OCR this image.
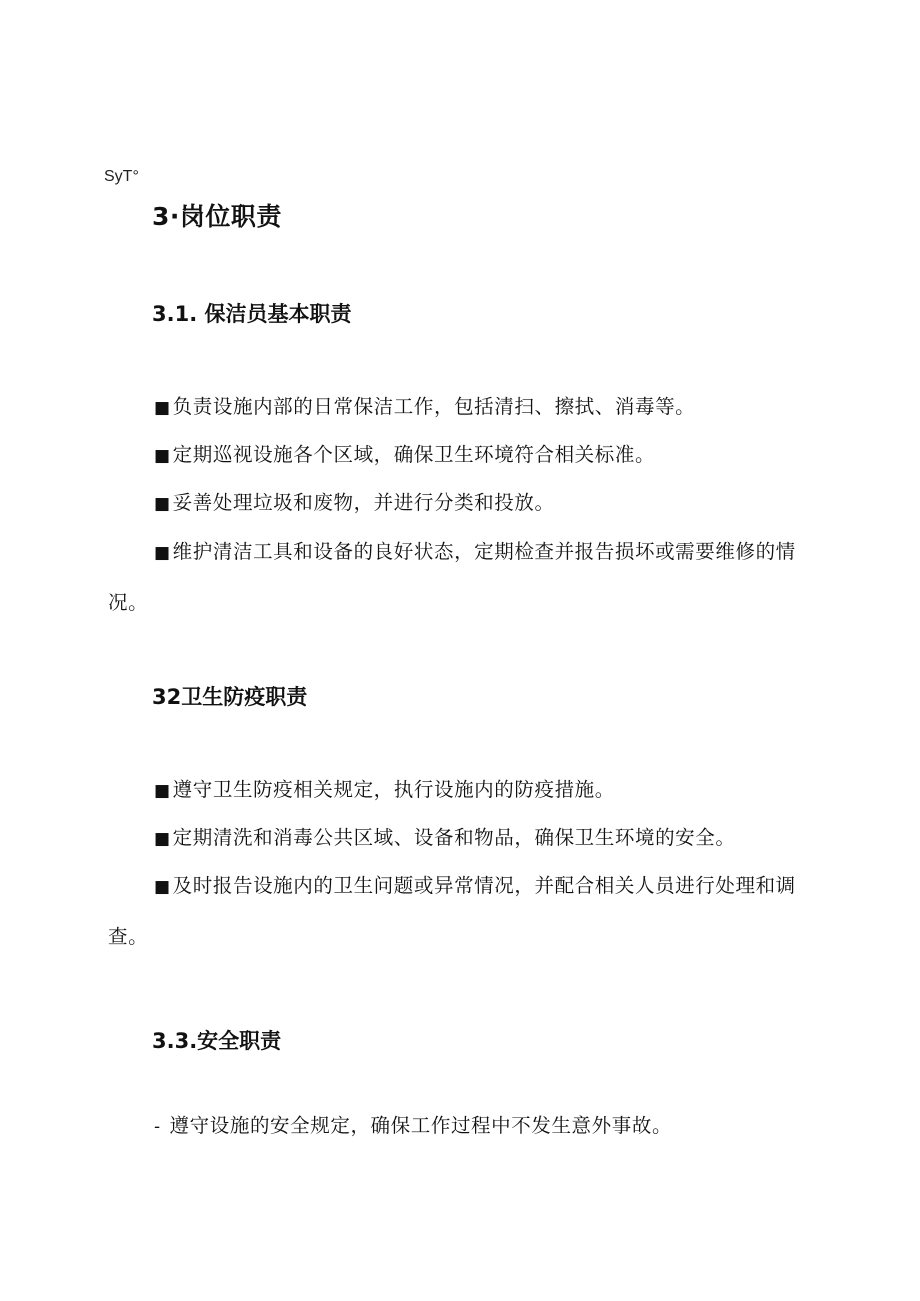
SyT°
3·岗位职责
3.1. 保洁员基本职责
■ 负责设施内部的日常保洁工作，包括清扫、擦拭、消毒等。
■ 定期巡视设施各个区域，确保卫生环境符合相关标准。
■ 妥善处理垃圾和废物，并进行分类和投放。
■ 维护清洁工具和设备的良好状态，定期检查并报告损坏或需要维修的情况。
32卫生防疫职责
■ 遵守卫生防疫相关规定，执行设施内的防疫措施。
■ 定期清洗和消毒公共区域、设备和物品，确保卫生环境的安全。
■ 及时报告设施内的卫生问题或异常情况，并配合相关人员进行处理和调查。
3.3.安全职责
- 遵守设施的安全规定，确保工作过程中不发生意外事故。
